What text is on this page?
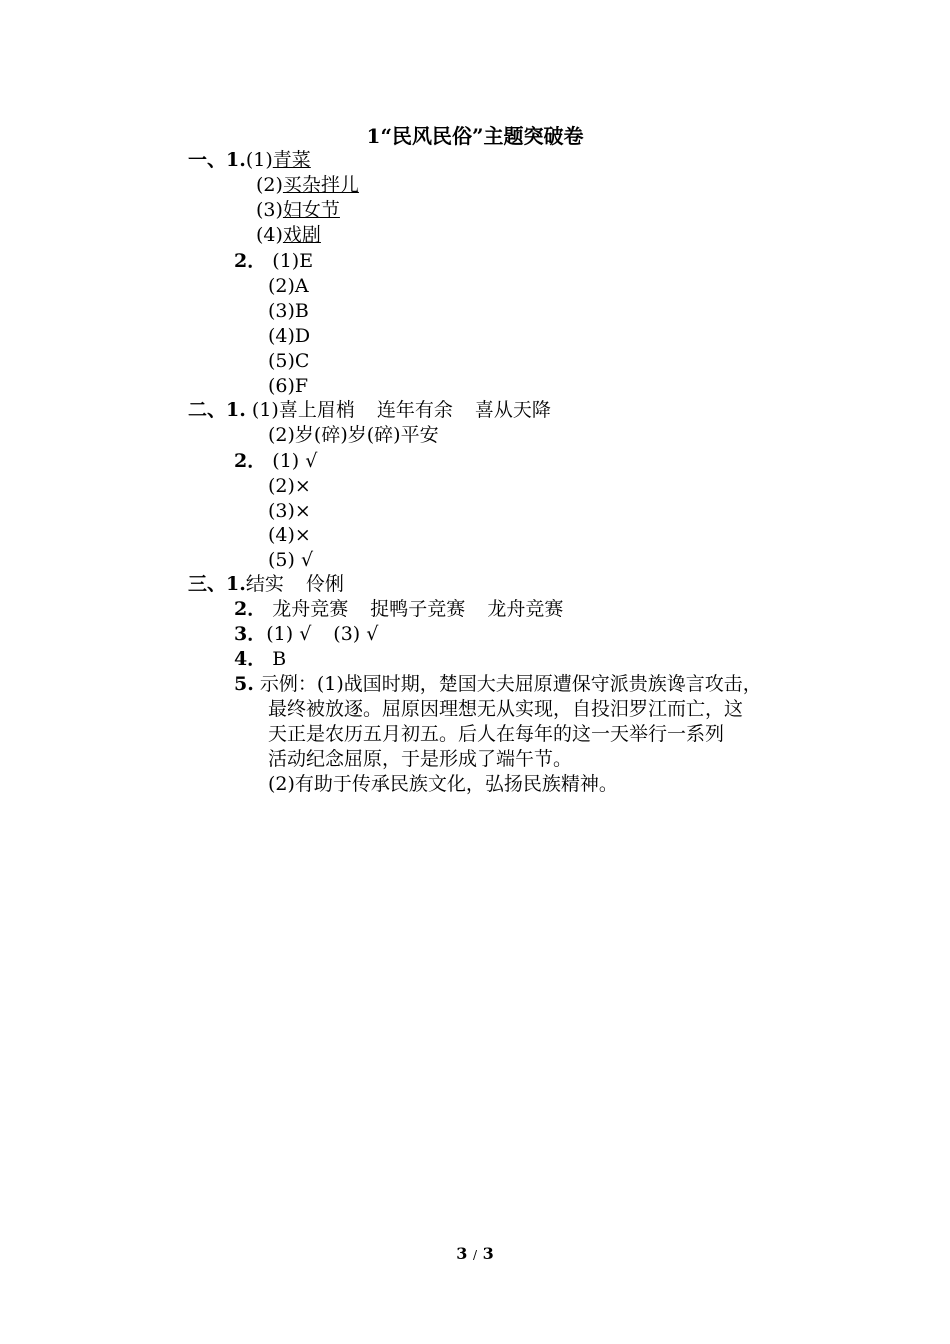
1“民风民俗”主题突破卷
一、1.(1)青菜
(2)买杂拌儿
(3)妇女节
(4)戏剧
2． (1)E
(2)A
(3)B
(4)D
(5)C
(6)F
二、1. (1)喜上眉梢 连年有余 喜从天降
(2)岁(碎)岁(碎)平安
2． (1) √
(2)×
(3)×
(4)×
(5) √
三、1.结实 伶俐
2． 龙舟竞赛 捉鸭子竞赛 龙舟竞赛
3．(1) √ (3) √
4． B
5. 示例：(1)战国时期，楚国大夫屈原遭保守派贵族谗言攻击，
最终被放逐。屈原因理想无从实现，自投汨罗江而亡，这
天正是农历五月初五。后人在每年的这一天举行一系列
活动纪念屈原，于是形成了端午节。
(2)有助于传承民族文化，弘扬民族精神。
3 / 3
